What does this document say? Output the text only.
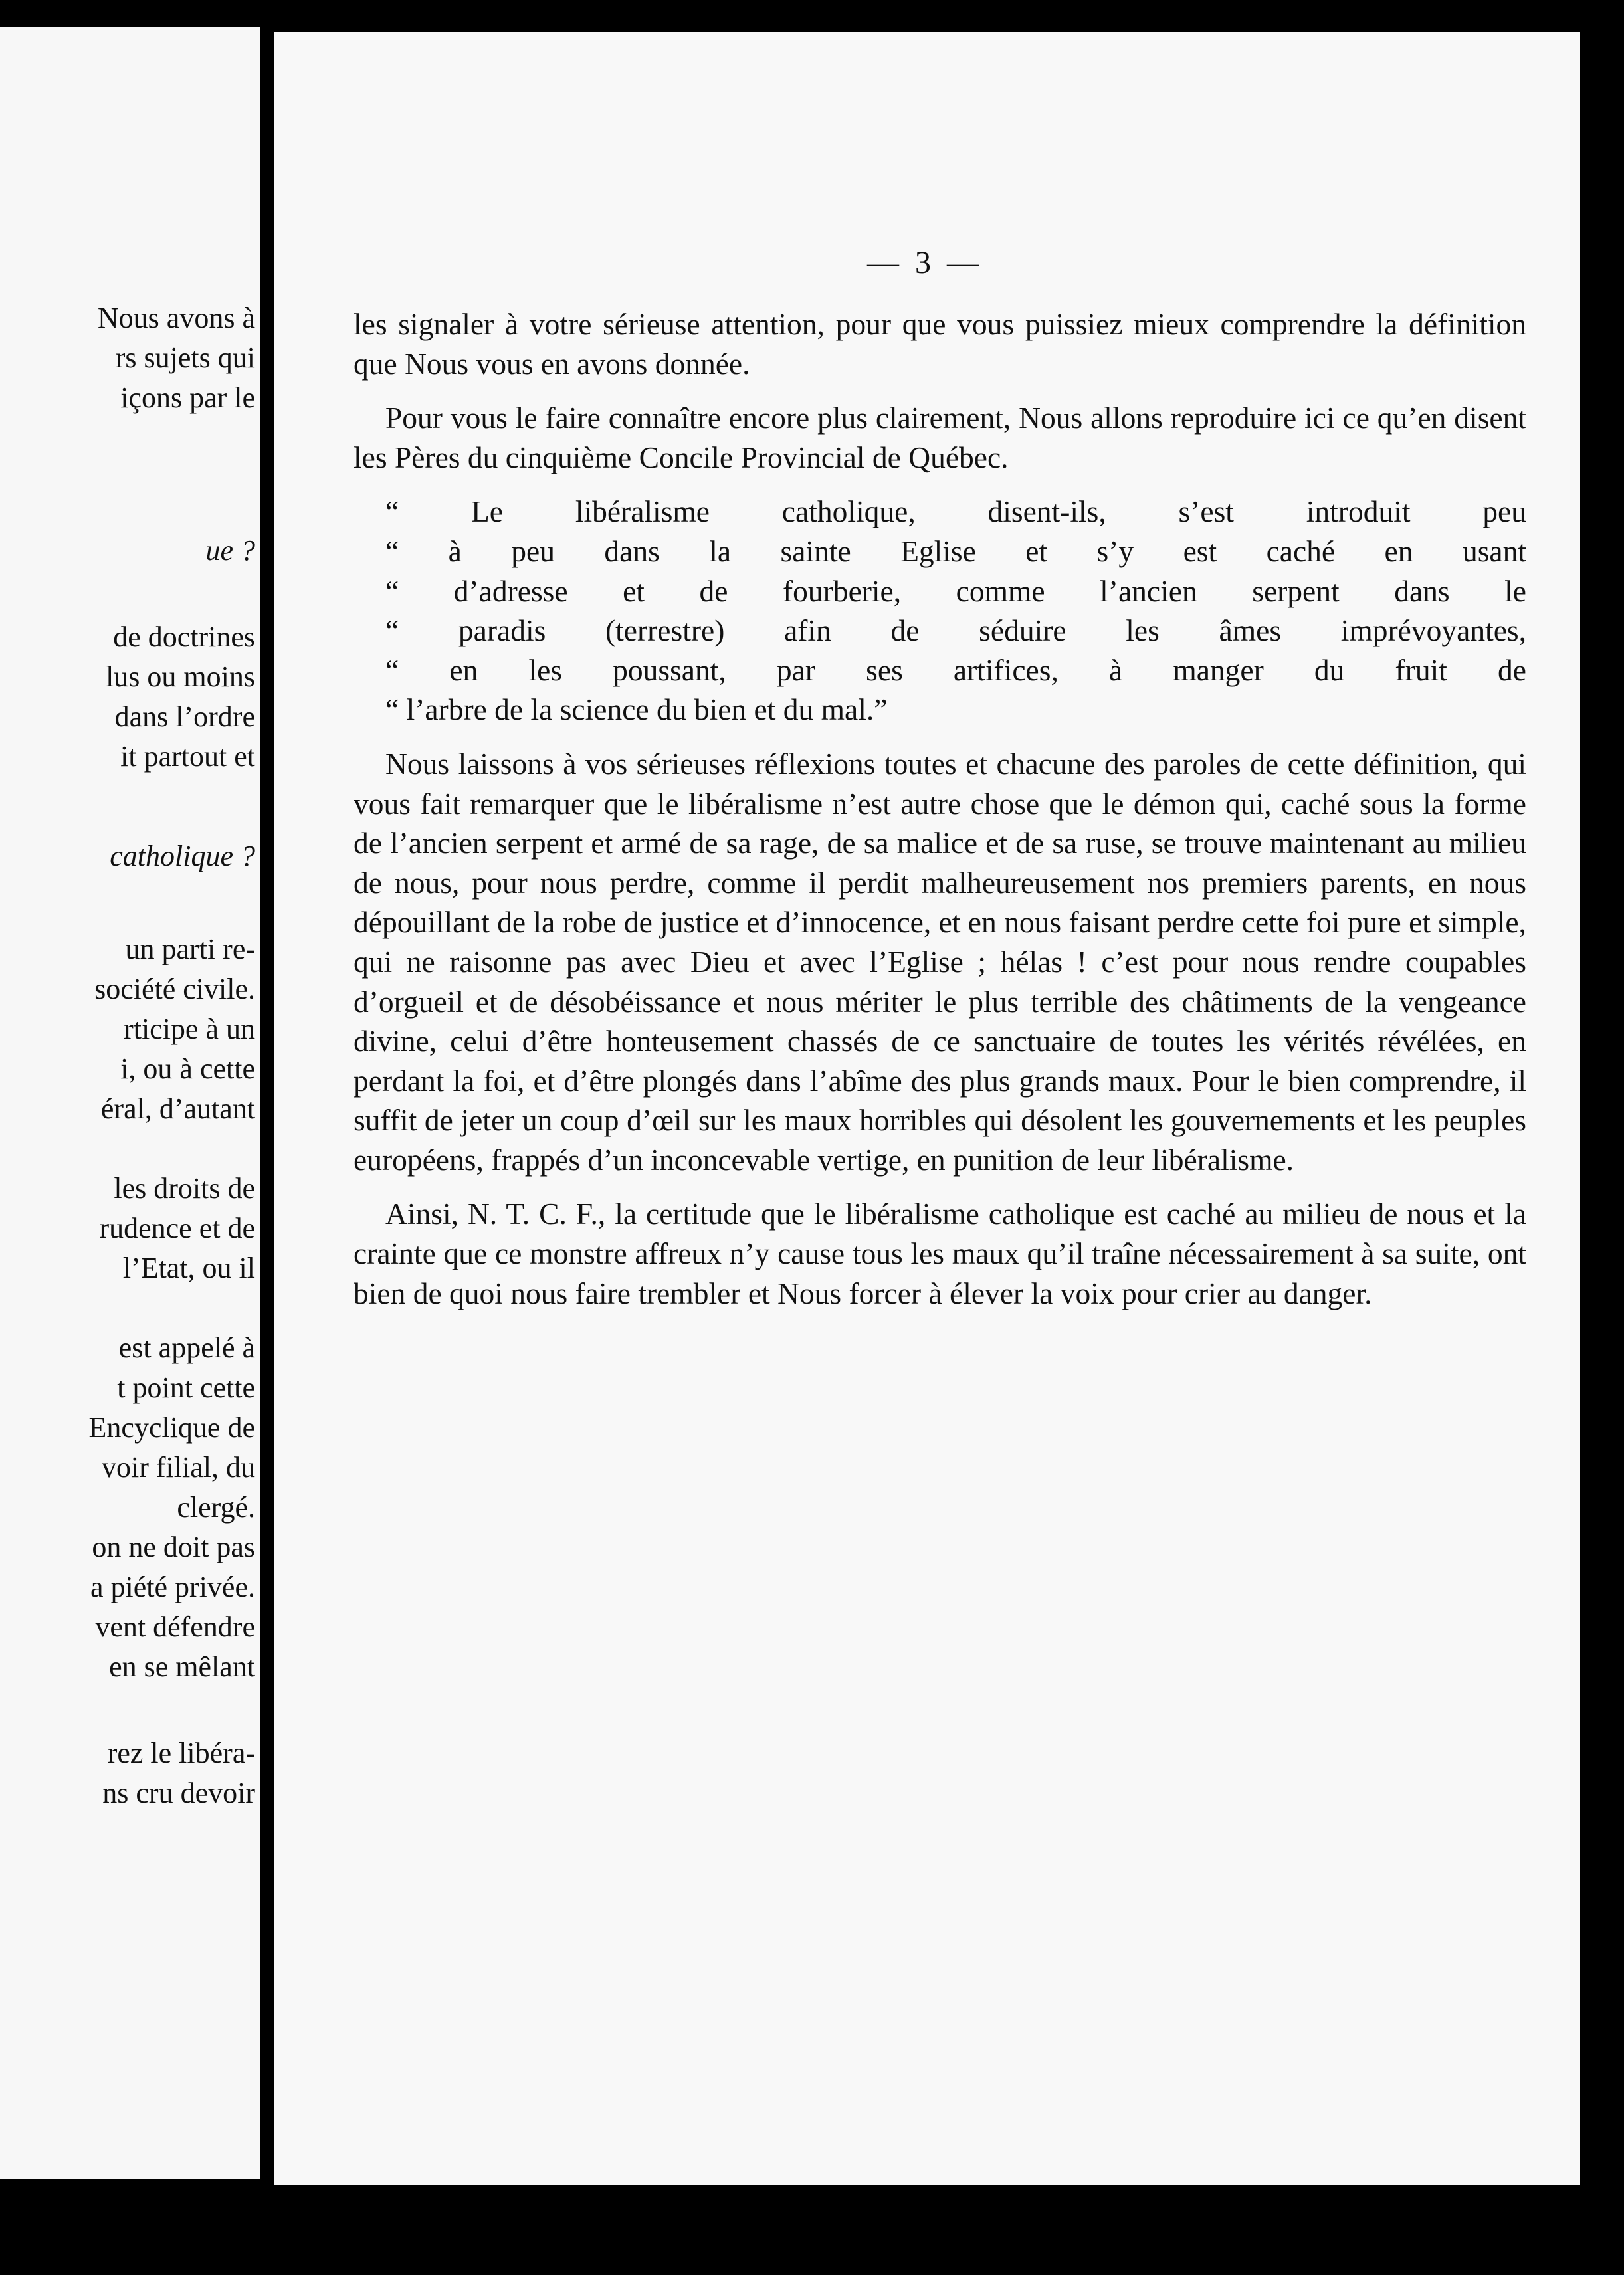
Nous avons à
rs sujets qui
içons par le
ue ?
de doctrines
lus ou moins
dans l’ordre
it partout et
catholique ?
un parti re-
société civile.
rticipe à un
i, ou à cette
éral, d’autant
les droits de
rudence et de
l’Etat, ou il
est appelé à
t point cette
Encyclique de
voir filial, du
clergé.
on ne doit pas
a piété privée.
vent défendre
en se mêlant
rez le libéra-
ns cru devoir
— 3 —

les signaler à votre sérieuse attention, pour que vous puissiez mieux comprendre la définition que Nous vous en avons donnée.

Pour vous le faire connaître encore plus clairement, Nous allons reproduire ici ce qu’en disent les Pères du cinquième Concile Provincial de Québec.

“ Le libéralisme catholique, disent-ils, s’est introduit peu
“ à peu dans la sainte Eglise et s’y est caché en usant
“ d’adresse et de fourberie, comme l’ancien serpent dans le
“ paradis (terrestre) afin de séduire les âmes imprévoyantes,
“ en les poussant, par ses artifices, à manger du fruit de
“ l’arbre de la science du bien et du mal.”

Nous laissons à vos sérieuses réflexions toutes et chacune des paroles de cette définition, qui vous fait remarquer que le libéralisme n’est autre chose que le démon qui, caché sous la forme de l’ancien serpent et armé de sa rage, de sa malice et de sa ruse, se trouve maintenant au milieu de nous, pour nous perdre, comme il perdit malheureusement nos premiers parents, en nous dépouillant de la robe de justice et d’innocence, et en nous faisant perdre cette foi pure et simple, qui ne raisonne pas avec Dieu et avec l’Eglise ; hélas ! c’est pour nous rendre coupables d’orgueil et de désobéissance et nous mériter le plus terrible des châtiments de la vengeance divine, celui d’être honteusement chassés de ce sanctuaire de toutes les vérités révélées, en perdant la foi, et d’être plongés dans l’abîme des plus grands maux. Pour le bien comprendre, il suffit de jeter un coup d’œil sur les maux horribles qui désolent les gouvernements et les peuples européens, frappés d’un inconcevable vertige, en punition de leur libéralisme.

Ainsi, N. T. C. F., la certitude que le libéralisme catholique est caché au milieu de nous et la crainte que ce monstre affreux n’y cause tous les maux qu’il traîne nécessairement à sa suite, ont bien de quoi nous faire trembler et Nous forcer à élever la voix pour crier au danger.
